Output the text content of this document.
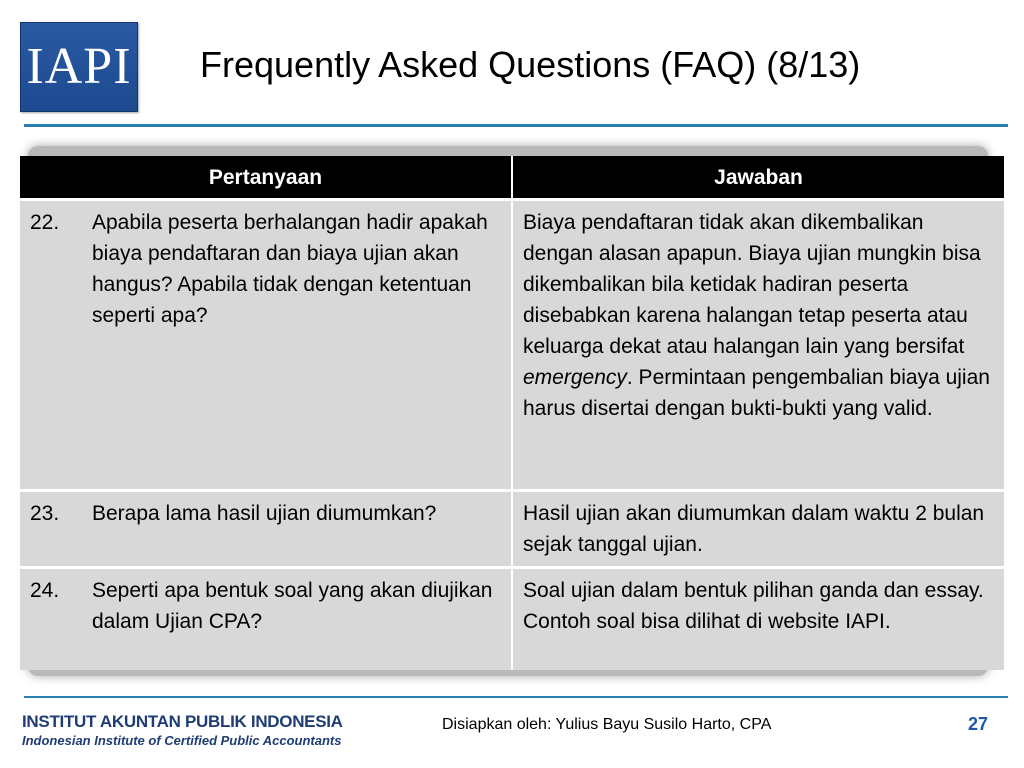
IAPI Frequently Asked Questions (FAQ) (8/13)
Pertanyaan	Jawaban

22. Apabila peserta berhalangan hadir apakah biaya pendaftaran dan biaya ujian akan hangus? Apabila tidak dengan ketentuan seperti apa?	Biaya pendaftaran tidak akan dikembalikan dengan alasan apapun. Biaya ujian mungkin bisa dikembalikan bila ketidak hadiran peserta disebabkan karena halangan tetap peserta atau keluarga dekat atau halangan lain yang bersifat emergency. Permintaan pengembalian biaya ujian harus disertai dengan bukti-bukti yang valid.

23. Berapa lama hasil ujian diumumkan?	Hasil ujian akan diumumkan dalam waktu 2 bulan sejak tanggal ujian.

24. Seperti apa bentuk soal yang akan diujikan dalam Ujian CPA?	Soal ujian dalam bentuk pilihan ganda dan essay. Contoh soal bisa dilihat di website IAPI.
INSTITUT AKUNTAN PUBLIK INDONESIA
Indonesian Institute of Certified Public Accountants
Disiapkan oleh: Yulius Bayu Susilo Harto, CPA	27
